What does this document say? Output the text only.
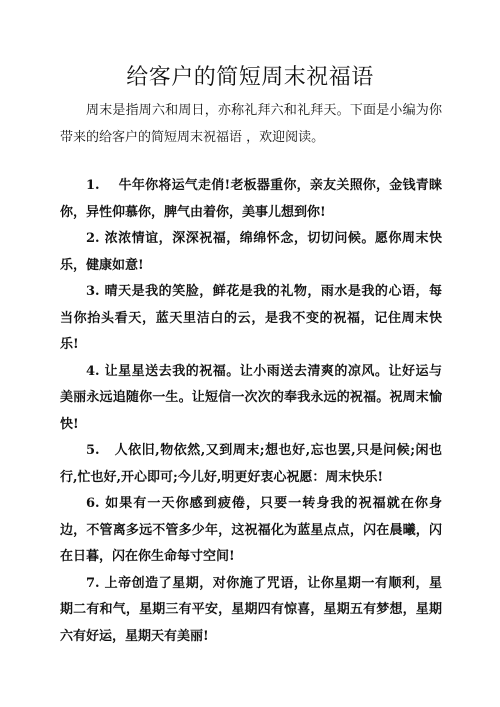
给客户的简短周末祝福语

周末是指周六和周日，亦称礼拜六和礼拜天。下面是小编为你带来的给客户的简短周末祝福语 ，欢迎阅读。

1. 牛年你将运气走俏!老板器重你，亲友关照你，金钱青睐你，异性仰慕你，脾气由着你，美事儿想到你!

2. 浓浓情谊，深深祝福，绵绵怀念，切切问候。愿你周末快乐，健康如意!

3. 晴天是我的笑脸，鲜花是我的礼物，雨水是我的心语，每当你抬头看天，蓝天里洁白的云，是我不变的祝福，记住周末快乐!

4. 让星星送去我的祝福。让小雨送去清爽的凉风。让好运与美丽永远追随你一生。让短信一次次的奉我永远的祝福。祝周末愉快!

5. 人依旧,物依然,又到周末;想也好,忘也罢,只是问候;闲也行,忙也好,开心即可;今儿好,明更好衷心祝愿：周末快乐!

6. 如果有一天你感到疲倦，只要一转身我的祝福就在你身边，不管离多远不管多少年，这祝福化为蓝星点点，闪在晨曦，闪在日暮，闪在你生命每寸空间!

7. 上帝创造了星期，对你施了咒语，让你星期一有顺利，星期二有和气，星期三有平安，星期四有惊喜，星期五有梦想，星期六有好运，星期天有美丽!
